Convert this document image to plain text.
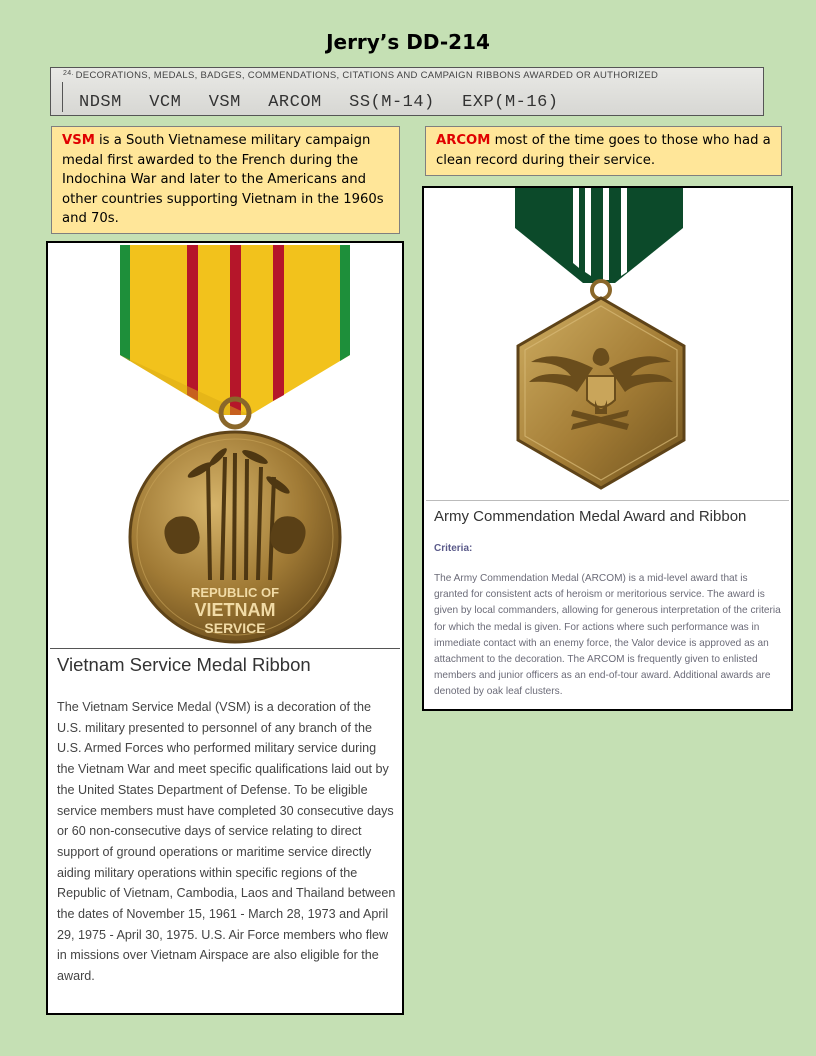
Jerry’s DD-214
$^{24.}$ DECORATIONS, MEDALS, BADGES, COMMENDATIONS, CITATIONS AND CAMPAIGN RIBBONS AWARDED OR AUTHORIZED
NDSM  VCM  VSM  ARCOM  SS(M-14)  EXP(M-16)
VSM is a South Vietnamese military campaign medal first awarded to the French during the Indochina War and later to the Americans and other countries supporting Vietnam in the 1960s and 70s.
ARCOM most of the time goes to those who had a clean record during their service.
REPUBLIC OF
VIETNAM
SERVICE
Vietnam Service Medal Ribbon
The Vietnam Service Medal (VSM) is a decoration of the U.S. military presented to personnel of any branch of the U.S. Armed Forces who performed military service during the Vietnam War and meet specific qualifications laid out by the United States Department of Defense. To be eligible service members must have completed 30 consecutive days or 60 non-consecutive days of service relating to direct support of ground operations or maritime service directly aiding military operations within specific regions of the Republic of Vietnam, Cambodia, Laos and Thailand between the dates of November 15, 1961 - March 28, 1973 and April 29, 1975 - April 30, 1975. U.S. Air Force members who flew in missions over Vietnam Airspace are also eligible for the award.
Army Commendation Medal Award and Ribbon
Criteria:
The Army Commendation Medal (ARCOM) is a mid-level award that is granted for consistent acts of heroism or meritorious service. The award is given by local commanders, allowing for generous interpretation of the criteria for which the medal is given. For actions where such performance was in immediate contact with an enemy force, the Valor device is approved as an attachment to the decoration. The ARCOM is frequently given to enlisted members and junior officers as an end-of-tour award. Additional awards are denoted by oak leaf clusters.
